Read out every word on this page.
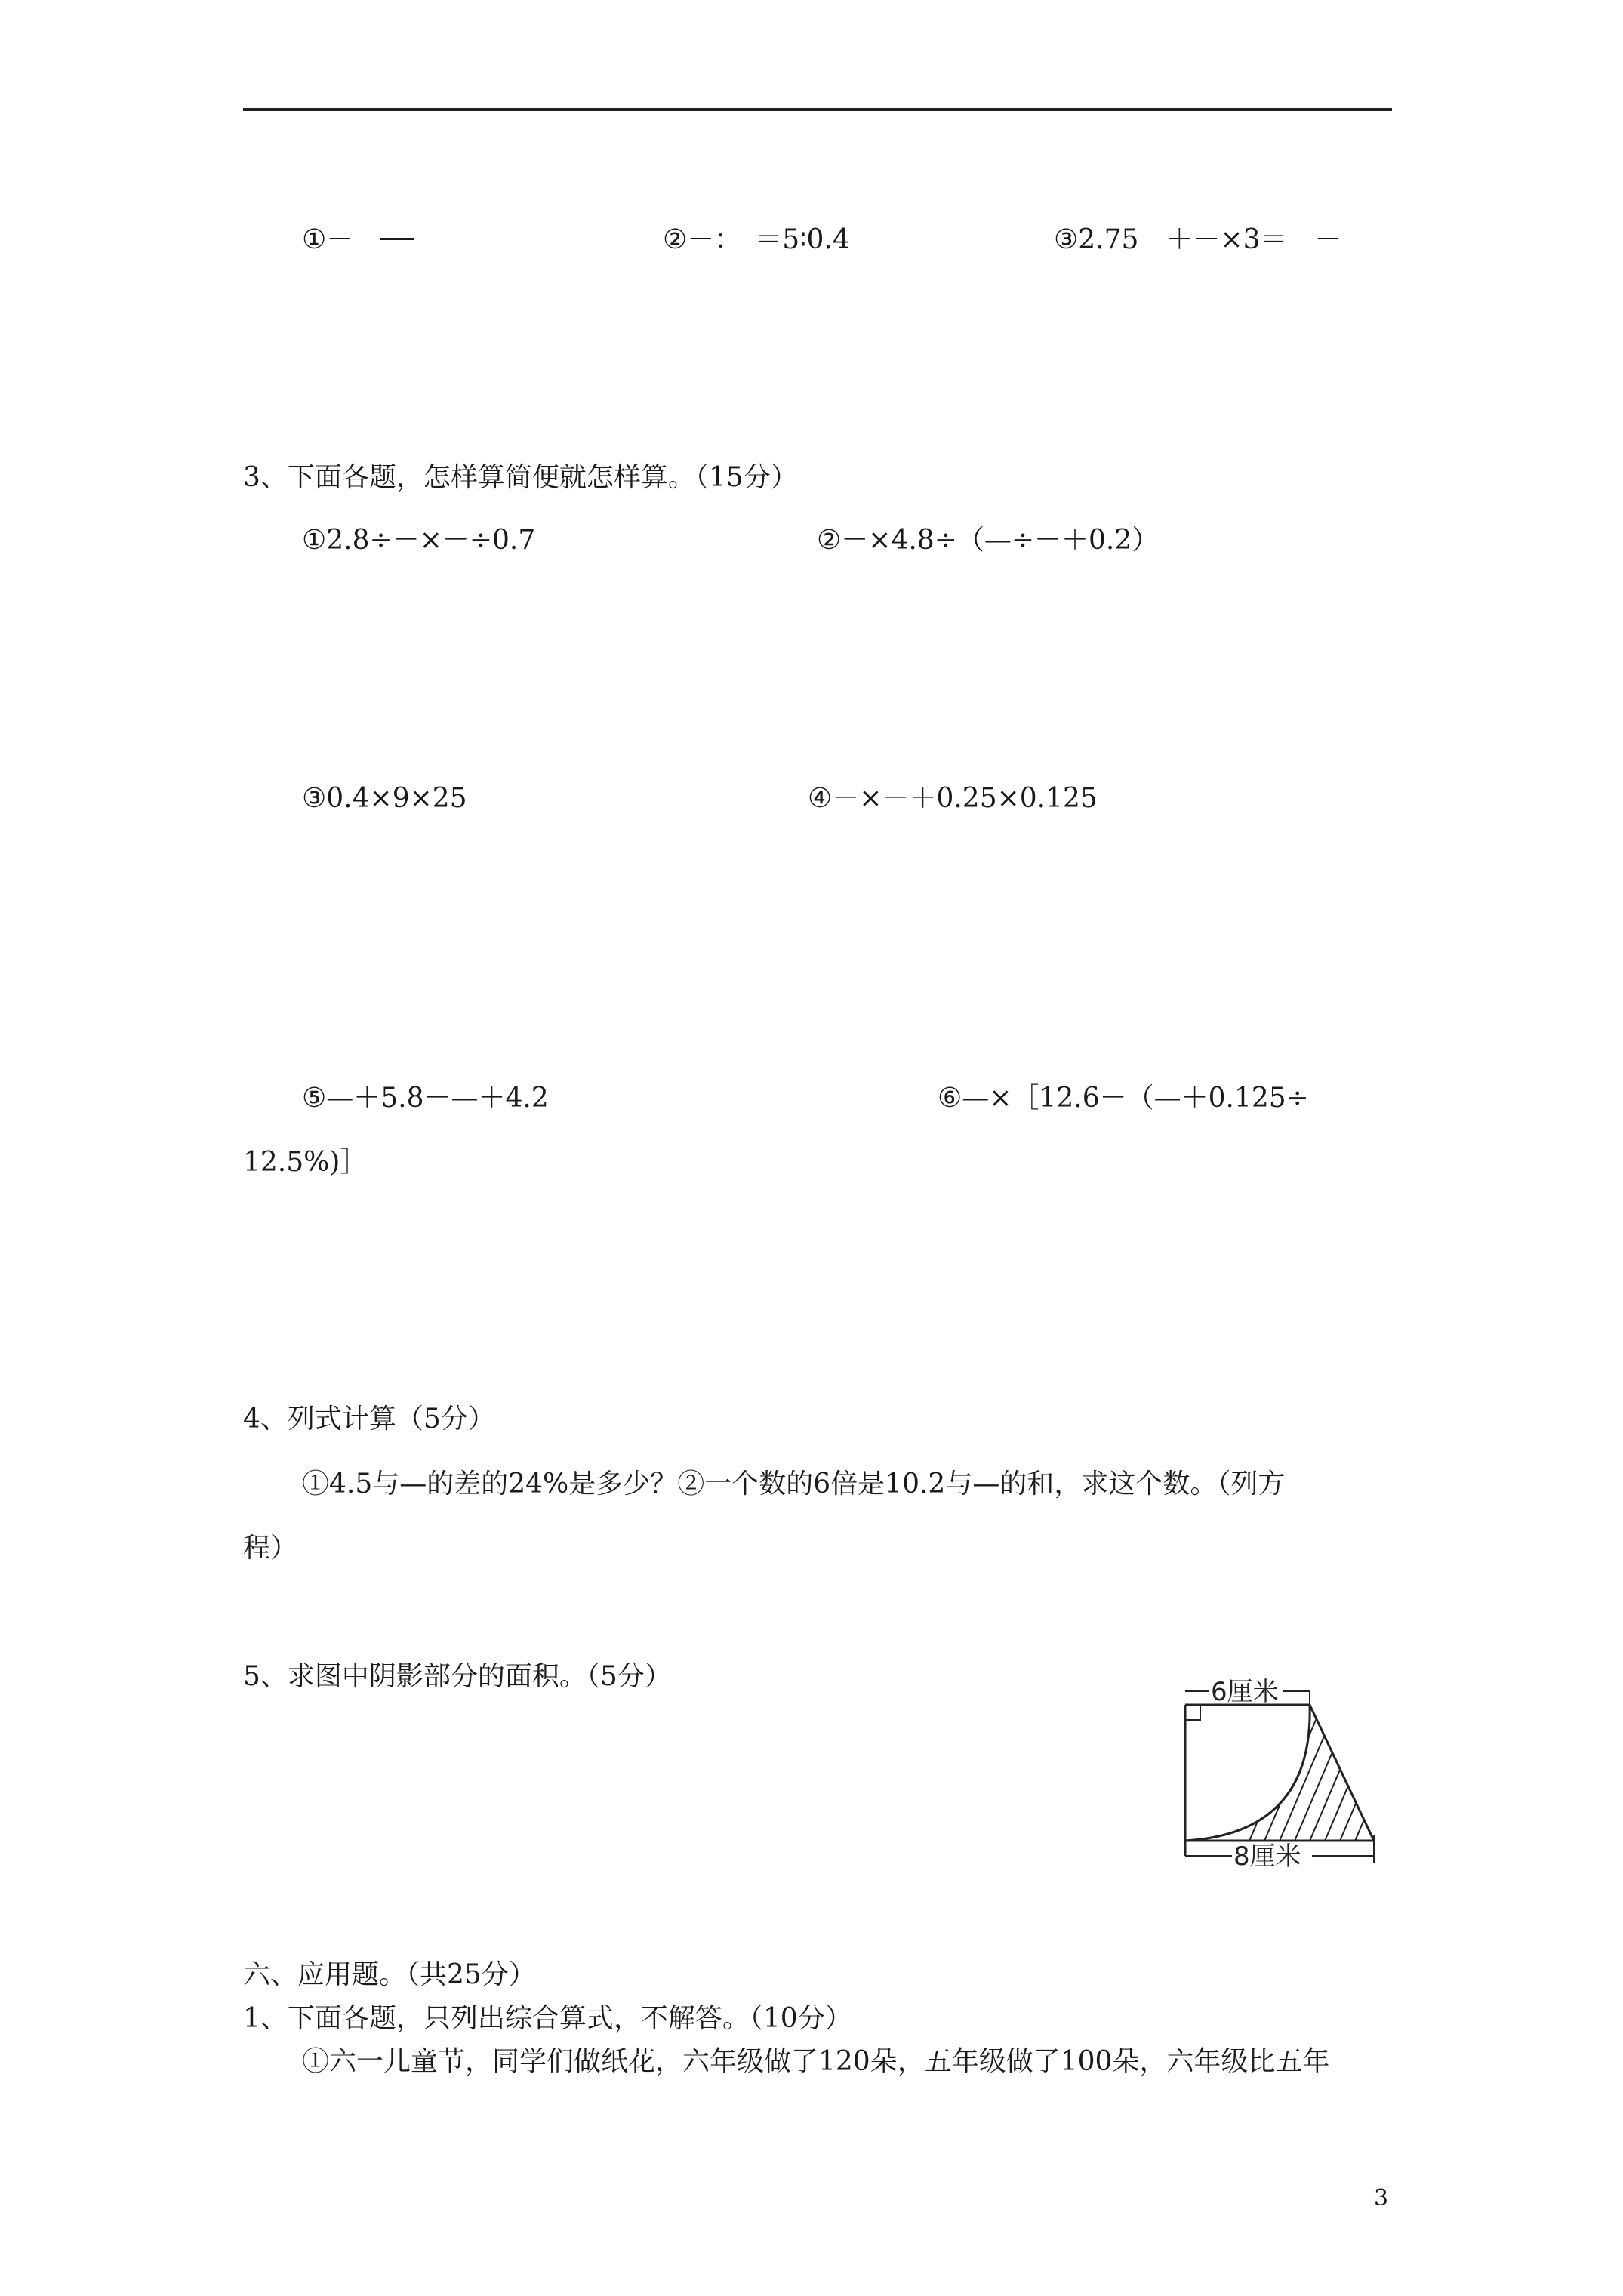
①－　──	②－：　＝5∶0.4	③2.75　＋－×3＝　－
3、下面各题，怎样算简便就怎样算。（15分）
①2.8÷－×－÷0.7	②－×4.8÷（—÷－＋0.2）
③0.4×9×25	④－×－＋0.25×0.125
⑤—＋5.8－—＋4.2	⑥—×［12.6－（—＋0.125÷
12.5%)］
4、列式计算（5分）
①4.5与—的差的24%是多少？②一个数的6倍是10.2与—的和，求这个数。（列方
程）
5、求图中阴影部分的面积。（5分）	6厘米
8厘米
六、应用题。（共25分）
1、下面各题，只列出综合算式，不解答。（10分）
①六一儿童节，同学们做纸花，六年级做了120朵，五年级做了100朵，六年级比五年
3
